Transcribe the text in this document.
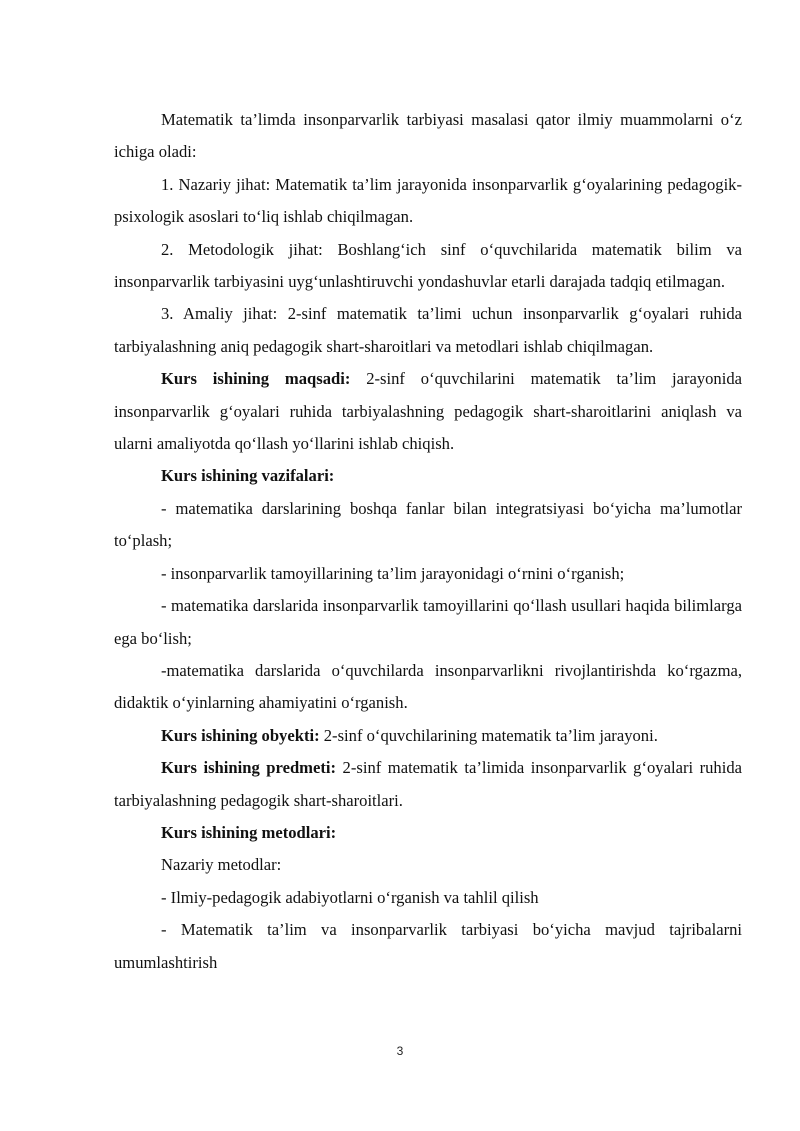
Matematik ta’limda insonparvarlik tarbiyasi masalasi qator ilmiy muammolarni o‘z ichiga oladi:

1. Nazariy jihat: Matematik ta’lim jarayonida insonparvarlik g‘oyalarining pedagogik-psixologik asoslari to‘liq ishlab chiqilmagan.

2. Metodologik jihat: Boshlang‘ich sinf o‘quvchilarida matematik bilim va insonparvarlik tarbiyasini uyg‘unlashtiruvchi yondashuvlar etarli darajada tadqiq etilmagan.

3. Amaliy jihat: 2-sinf matematik ta’limi uchun insonparvarlik g‘oyalari ruhida tarbiyalashning aniq pedagogik shart-sharoitlari va metodlari ishlab chiqilmagan.

Kurs ishining maqsadi: 2-sinf o‘quvchilarini matematik ta’lim jarayonida insonparvarlik g‘oyalari ruhida tarbiyalashning pedagogik shart-sharoitlarini aniqlash va ularni amaliyotda qo‘llash yo‘llarini ishlab chiqish.

Kurs ishining vazifalari:

- matematika darslarining boshqa fanlar bilan integratsiyasi bo‘yicha ma’lumotlar to‘plash;

- insonparvarlik tamoyillarining ta’lim jarayonidagi o‘rnini o‘rganish;

- matematika darslarida insonparvarlik tamoyillarini qo‘llash usullari haqida bilimlarga ega bo‘lish;

-matematika darslarida o‘quvchilarda insonparvarlikni rivojlantirishda ko‘rgazma, didaktik o‘yinlarning ahamiyatini o‘rganish.

Kurs ishining obyekti: 2-sinf o‘quvchilarining matematik ta’lim jarayoni.

Kurs ishining predmeti: 2-sinf matematik ta’limida insonparvarlik g‘oyalari ruhida tarbiyalashning pedagogik shart-sharoitlari.

Kurs ishining metodlari:

Nazariy metodlar:

- Ilmiy-pedagogik adabiyotlarni o‘rganish va tahlil qilish

- Matematik ta’lim va insonparvarlik tarbiyasi bo‘yicha mavjud tajribalarni umumlashtirish

3
